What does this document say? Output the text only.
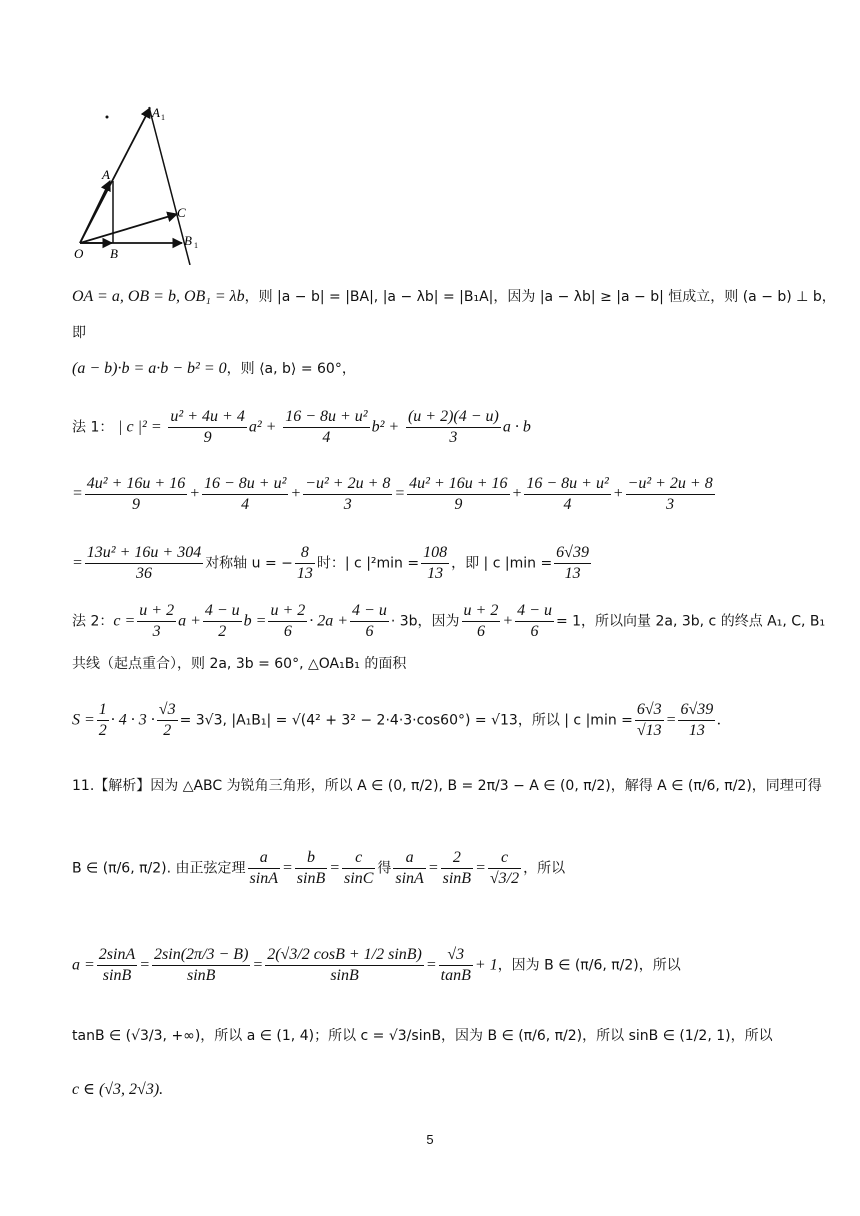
A 1
A
C
B 1
O B
OA = a, OB = b, OB₁ = λb，则 |a − b| = |BA|, |a − λb| = |B₁A|，因为 |a − λb| ≥ |a − b| 恒成立，则 (a − b) ⊥ b，
即
(a − b)·b = a·b − b² = 0，则 ⟨a, b⟩ = 60°，
法 1： | c $|^2 = \frac{\text{u² + 4u + 4}}{9} a^2 + \frac{\text{16 − 8u + u²}}{4} b^2 + \frac{(u + 2)(4 - u)}{3}$ a · b
= $\frac{\text{4u² + 16u + 16}}{9} + \frac{\text{16 − 8u + u²}}{4} + \frac{\text{−u² + 2u + 8}}{3} = \frac{\text{4u² + 16u + 16}}{9} + \frac{\text{16 − 8u + u²}}{4} + \frac{\text{−u² + 2u + 8}}{3}$
= $\frac{\text{13u² + 16u + 304}}{36}$ 对称轴 u = − $\frac{8}{13}$ 时：| c $|^2\min = \frac{108}{13}$ ，即 | c $|\min = \frac{6√39}{13}$
法 2：$c = \frac{u + 2}{3}$ $a + \frac{4 - u}{2}$ $b = \frac{u + 2}{6} \cdot 2a + \frac{4 - u}{6} \cdot 3b$，因为 $\frac{u + 2}{6} + \frac{4 - u}{6} = 1$，所以向量 2a, 3b, c 的终点 A₁, C, B₁
共线（起点重合），则 2a, 3b = 60°, △OA₁B₁ 的面积
$S = \frac{1}{2} \cdot 4 \cdot 3 \cdot \frac{√3}{2} = 3√3$, |A₁B₁| = √(4² + 3² − 2·4·3·cos60°) = √13，所以 | c $|\min = \frac{6√3}{√13} = \frac{6√39}{13}$ .
11.【解析】因为 △ABC 为锐角三角形，所以 A ∈ (0, π/2), B = 2π/3 − A ∈ (0, π/2)，解得 A ∈ (π/6, π/2)，同理可得
B ∈ (π/6, π/2). 由正弦定理 $\frac{a}{\sin A} = \frac{b}{\sin B} = \frac{c}{\sin C}$ 得 $\frac{a}{\sin A} = \frac{2}{\sin B} = \frac{c}{√3/2}$ ，所以
$a = \frac{2\sin A}{\sin B} = \frac{2\sin(2\pi/3 - B)}{\sin B} = \frac{2(√3/2 \cos B + 1/2 \sin B)}{\sin B} = \frac{√3}{\tan B} + 1$，因为 B ∈ (π/6, π/2)，所以
tanB ∈ (√3/3, +∞)，所以 a ∈ (1, 4)；所以 c = √3/sinB，因为 B ∈ (π/6, π/2)，所以 sinB ∈ (1/2, 1)，所以
c ∈ (√3, 2√3).
5
